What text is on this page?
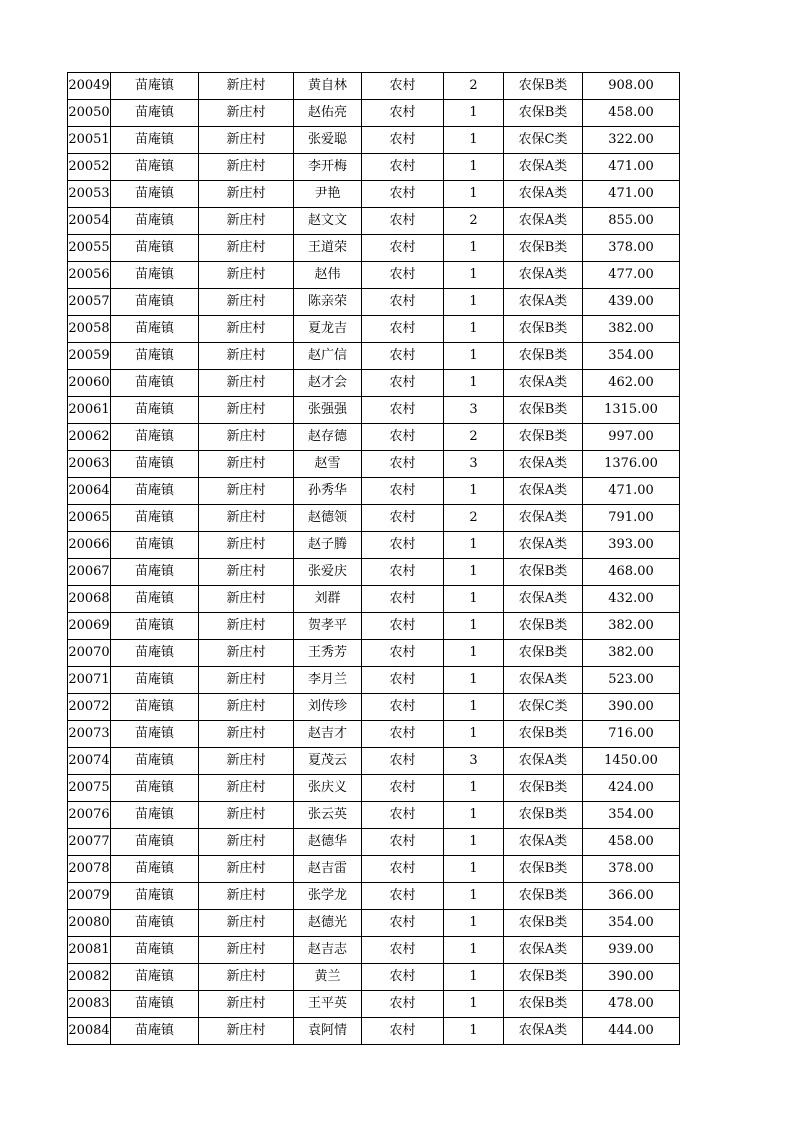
20049	苗庵镇	新庄村	黄自林	农村	2	农保B类	908.00
20050	苗庵镇	新庄村	赵佑亮	农村	1	农保B类	458.00
20051	苗庵镇	新庄村	张爱聪	农村	1	农保C类	322.00
20052	苗庵镇	新庄村	李开梅	农村	1	农保A类	471.00
20053	苗庵镇	新庄村	尹艳	农村	1	农保A类	471.00
20054	苗庵镇	新庄村	赵文文	农村	2	农保A类	855.00
20055	苗庵镇	新庄村	王道荣	农村	1	农保B类	378.00
20056	苗庵镇	新庄村	赵伟	农村	1	农保A类	477.00
20057	苗庵镇	新庄村	陈亲荣	农村	1	农保A类	439.00
20058	苗庵镇	新庄村	夏龙吉	农村	1	农保B类	382.00
20059	苗庵镇	新庄村	赵广信	农村	1	农保B类	354.00
20060	苗庵镇	新庄村	赵才会	农村	1	农保A类	462.00
20061	苗庵镇	新庄村	张强强	农村	3	农保B类	1315.00
20062	苗庵镇	新庄村	赵存德	农村	2	农保B类	997.00
20063	苗庵镇	新庄村	赵雪	农村	3	农保A类	1376.00
20064	苗庵镇	新庄村	孙秀华	农村	1	农保A类	471.00
20065	苗庵镇	新庄村	赵德领	农村	2	农保A类	791.00
20066	苗庵镇	新庄村	赵子腾	农村	1	农保A类	393.00
20067	苗庵镇	新庄村	张爱庆	农村	1	农保B类	468.00
20068	苗庵镇	新庄村	刘群	农村	1	农保A类	432.00
20069	苗庵镇	新庄村	贺孝平	农村	1	农保B类	382.00
20070	苗庵镇	新庄村	王秀芳	农村	1	农保B类	382.00
20071	苗庵镇	新庄村	李月兰	农村	1	农保A类	523.00
20072	苗庵镇	新庄村	刘传珍	农村	1	农保C类	390.00
20073	苗庵镇	新庄村	赵吉才	农村	1	农保B类	716.00
20074	苗庵镇	新庄村	夏茂云	农村	3	农保A类	1450.00
20075	苗庵镇	新庄村	张庆义	农村	1	农保B类	424.00
20076	苗庵镇	新庄村	张云英	农村	1	农保B类	354.00
20077	苗庵镇	新庄村	赵德华	农村	1	农保A类	458.00
20078	苗庵镇	新庄村	赵吉雷	农村	1	农保B类	378.00
20079	苗庵镇	新庄村	张学龙	农村	1	农保B类	366.00
20080	苗庵镇	新庄村	赵德光	农村	1	农保B类	354.00
20081	苗庵镇	新庄村	赵吉志	农村	1	农保A类	939.00
20082	苗庵镇	新庄村	黄兰	农村	1	农保B类	390.00
20083	苗庵镇	新庄村	王平英	农村	1	农保B类	478.00
20084	苗庵镇	新庄村	袁阿情	农村	1	农保A类	444.00
